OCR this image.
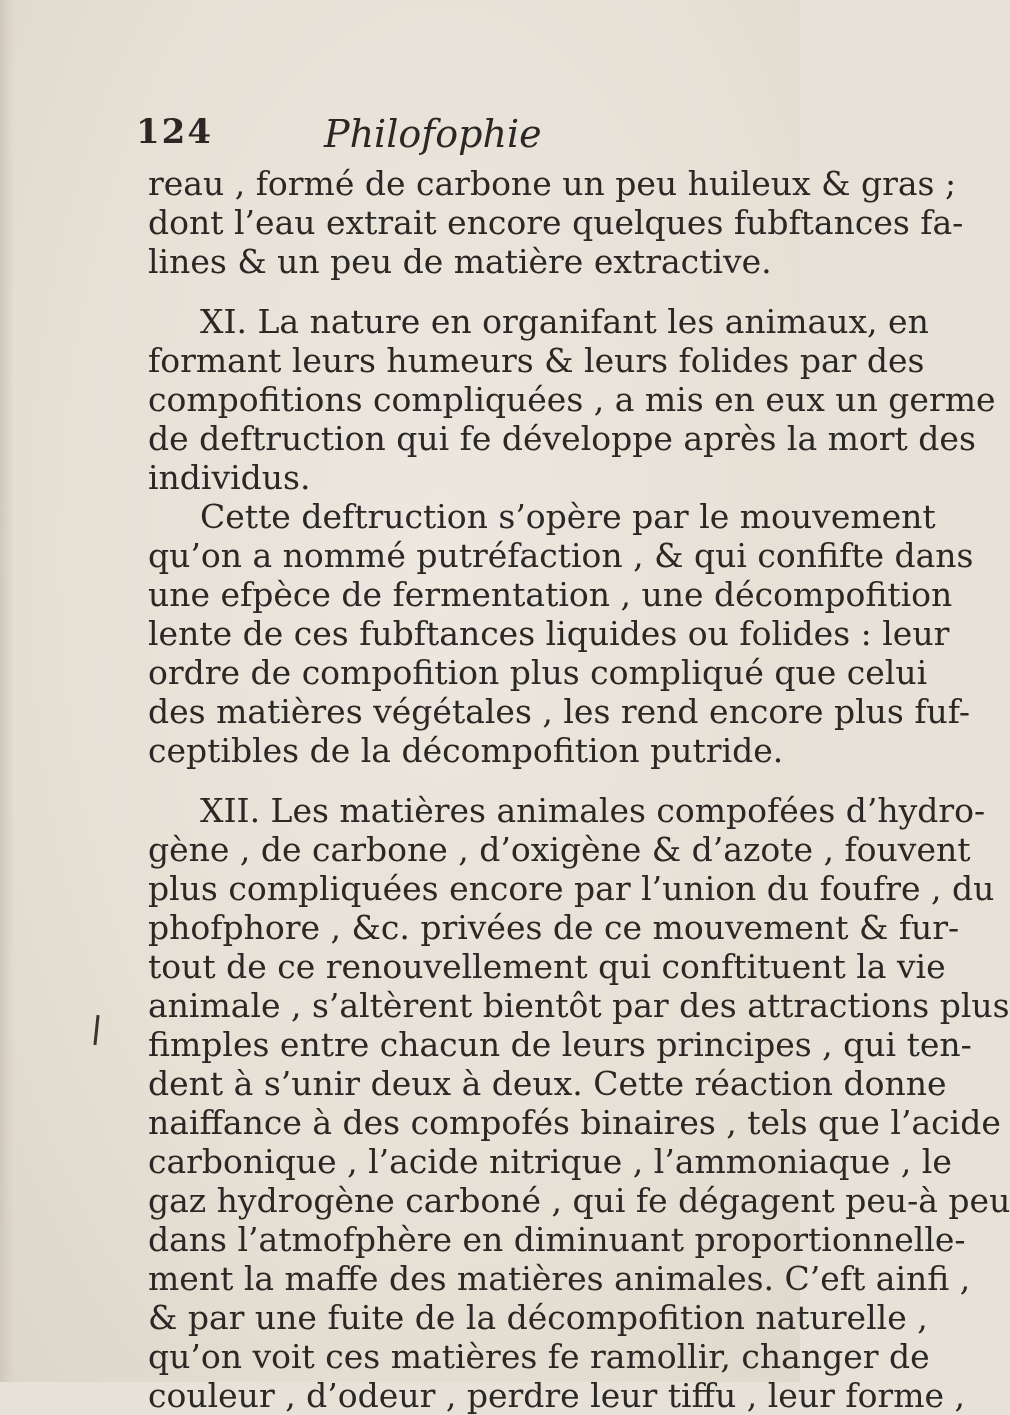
124	Philofophie
reau , formé de carbone un peu huileux & gras ;
dont l’eau extrait encore quelques fubftances fa-
lines & un peu de matière extractive.
XI. La nature en organifant les animaux, en
formant leurs humeurs & leurs folides par des
compofitions compliquées , a mis en eux un germe
de deftruction qui fe développe après la mort des
individus.
Cette deftruction s’opère par le mouvement
qu’on a nommé putréfaction , & qui confifte dans
une efpèce de fermentation , une décompofition
lente de ces fubftances liquides ou folides : leur
ordre de compofition plus compliqué que celui
des matières végétales , les rend encore plus fuf-
ceptibles de la décompofition putride.
XII. Les matières animales compofées d’hydro-
gène , de carbone , d’oxigène & d’azote , fouvent
plus compliquées encore par l’union du foufre , du
phofphore , &c. privées de ce mouvement & fur-
tout de ce renouvellement qui conftituent la vie
animale , s’altèrent bientôt par des attractions plus
fimples entre chacun de leurs principes , qui ten-
dent à s’unir deux à deux. Cette réaction donne
naiffance à des compofés binaires , tels que l’acide
carbonique , l’acide nitrique , l’ammoniaque , le
gaz hydrogène carboné , qui fe dégagent peu-à peu
dans l’atmofphère en diminuant proportionnelle-
ment la maffe des matières animales. C’eft ainfi ,
& par une fuite de la décompofition naturelle ,
qu’on voit ces matières fe ramollir, changer de
couleur , d’odeur , perdre leur tiffu , leur forme ,
